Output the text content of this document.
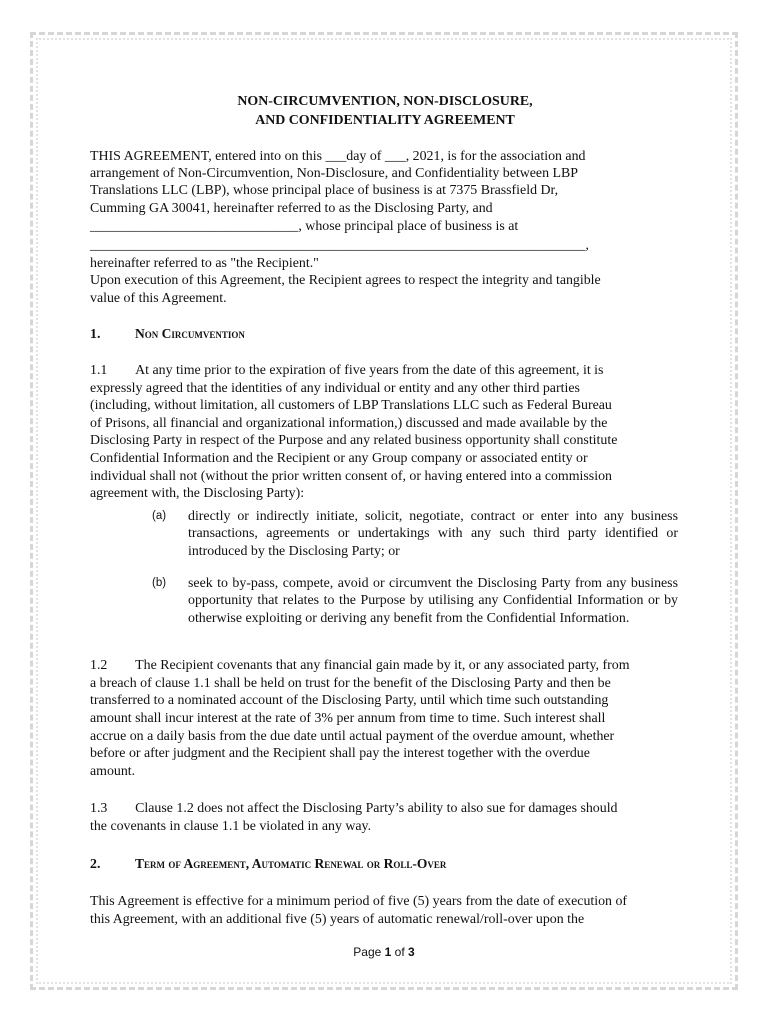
NON-CIRCUMVENTION, NON-DISCLOSURE,
AND CONFIDENTIALITY AGREEMENT
THIS AGREEMENT, entered into on this ___day of ___, 2021, is for the association and
arrangement of Non-Circumvention, Non-Disclosure, and Confidentiality between LBP
Translations LLC (LBP), whose principal place of business is at 7375 Brassfield Dr,
Cumming GA 30041, hereinafter referred to as the Disclosing Party, and
______________________________, whose principal place of business is at
__________________________________________________________________________,
hereinafter referred to as "the Recipient."
Upon execution of this Agreement, the Recipient agrees to respect the integrity and tangible
value of this Agreement.
1.	Non Circumvention
1.1  At any time prior to the expiration of five years from the date of this agreement, it is
expressly agreed that the identities of any individual or entity and any other third parties
(including, without limitation, all customers of LBP Translations LLC such as Federal Bureau
of Prisons, all financial and organizational information,) discussed and made available by the
Disclosing Party in respect of the Purpose and any related business opportunity shall constitute
Confidential Information and the Recipient or any Group company or associated entity or
individual shall not (without the prior written consent of, or having entered into a commission
agreement with, the Disclosing Party):
(a) directly or indirectly initiate, solicit, negotiate, contract or enter into any business transactions, agreements or undertakings with any such third party identified or introduced by the Disclosing Party; or
(b) seek to by-pass, compete, avoid or circumvent the Disclosing Party from any business opportunity that relates to the Purpose by utilising any Confidential Information or by otherwise exploiting or deriving any benefit from the Confidential Information.
1.2  The Recipient covenants that any financial gain made by it, or any associated party, from
a breach of clause 1.1 shall be held on trust for the benefit of the Disclosing Party and then be
transferred to a nominated account of the Disclosing Party, until which time such outstanding
amount shall incur interest at the rate of 3% per annum from time to time. Such interest shall
accrue on a daily basis from the due date until actual payment of the overdue amount, whether
before or after judgment and the Recipient shall pay the interest together with the overdue
amount.
1.3  Clause 1.2 does not affect the Disclosing Party’s ability to also sue for damages should
the covenants in clause 1.1 be violated in any way.
2.	Term of Agreement, Automatic Renewal or Roll-Over
This Agreement is effective for a minimum period of five (5) years from the date of execution of
this Agreement, with an additional five (5) years of automatic renewal/roll-over upon the
Page 1 of 3
